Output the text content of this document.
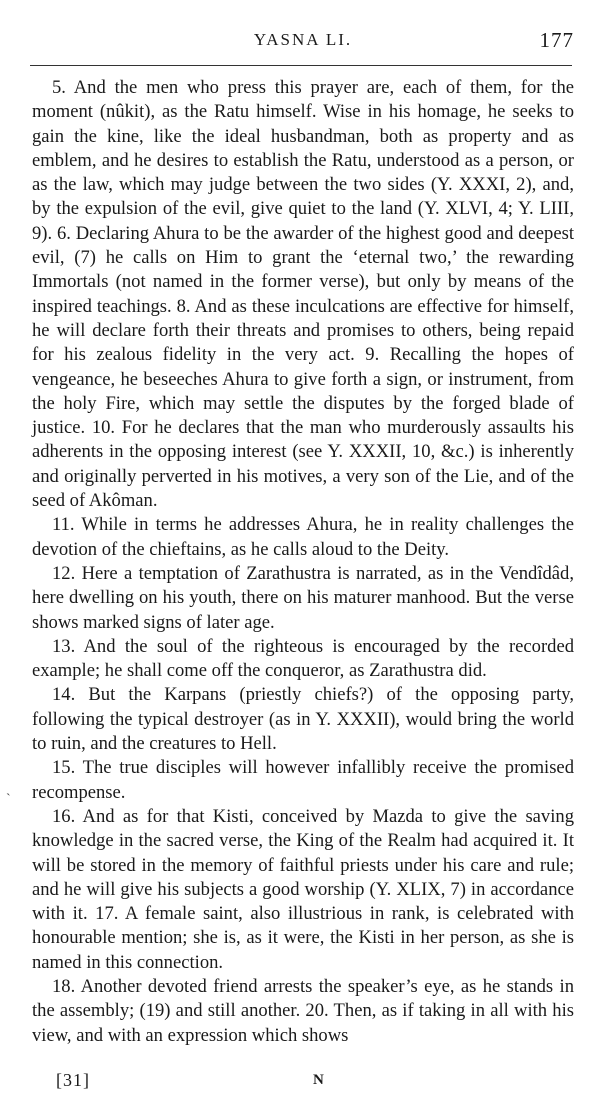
YASNA LI.	177

5. And the men who press this prayer are, each of them, for the moment (nûkit), as the Ratu himself. Wise in his homage, he seeks to gain the kine, like the ideal husbandman, both as property and as emblem, and he desires to establish the Ratu, understood as a person, or as the law, which may judge between the two sides (Y. XXXI, 2), and, by the expulsion of the evil, give quiet to the land (Y. XLVI, 4; Y. LIII, 9). 6. Declaring Ahura to be the awarder of the highest good and deepest evil, (7) he calls on Him to grant the ‘eternal two,’ the rewarding Immortals (not named in the former verse), but only by means of the inspired teachings. 8. And as these inculcations are effective for himself, he will declare forth their threats and promises to others, being repaid for his zealous fidelity in the very act. 9. Recalling the hopes of vengeance, he beseeches Ahura to give forth a sign, or instrument, from the holy Fire, which may settle the disputes by the forged blade of justice. 10. For he declares that the man who murderously assaults his adherents in the opposing interest (see Y. XXXII, 10, &c.) is inherently and originally perverted in his motives, a very son of the Lie, and of the seed of Akôman.

11. While in terms he addresses Ahura, he in reality challenges the devotion of the chieftains, as he calls aloud to the Deity.

12. Here a temptation of Zarathustra is narrated, as in the Vendîdâd, here dwelling on his youth, there on his maturer manhood. But the verse shows marked signs of later age.

13. And the soul of the righteous is encouraged by the recorded example; he shall come off the conqueror, as Zarathustra did.

14. But the Karpans (priestly chiefs?) of the opposing party, following the typical destroyer (as in Y. XXXII), would bring the world to ruin, and the creatures to Hell.

15. The true disciples will however infallibly receive the promised recompense.

16. And as for that Kisti, conceived by Mazda to give the saving knowledge in the sacred verse, the King of the Realm had acquired it. It will be stored in the memory of faithful priests under his care and rule; and he will give his subjects a good worship (Y. XLIX, 7) in accordance with it. 17. A female saint, also illustrious in rank, is celebrated with honourable mention; she is, as it were, the Kisti in her person, as she is named in this connection.

18. Another devoted friend arrests the speaker’s eye, as he stands in the assembly; (19) and still another. 20. Then, as if taking in all with his view, and with an expression which shows

`
[31]	N
